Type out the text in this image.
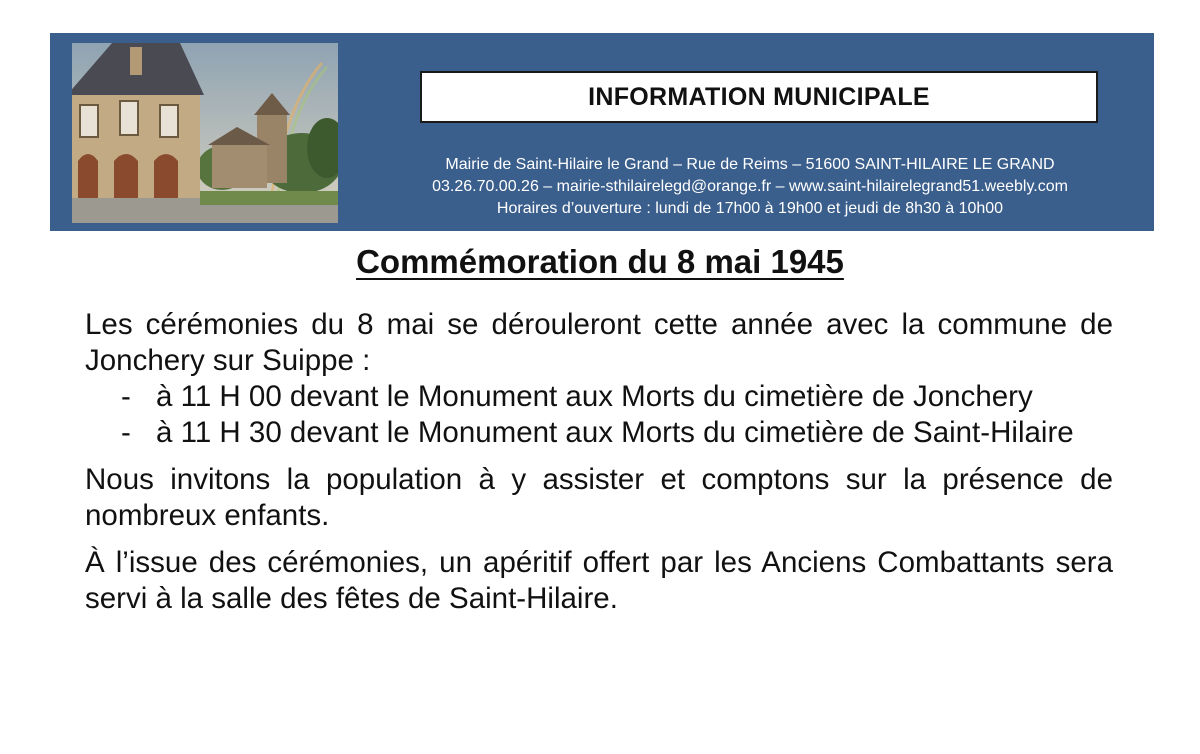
INFORMATION MUNICIPALE
Mairie de Saint-Hilaire le Grand – Rue de Reims – 51600 SAINT-HILAIRE LE GRAND
03.26.70.00.26 – mairie-sthilairelegd@orange.fr – www.saint-hilairelegrand51.weebly.com
Horaires d’ouverture : lundi de 17h00 à 19h00 et jeudi de 8h30 à 10h00
Commémoration du 8 mai 1945

Les cérémonies du 8 mai se dérouleront cette année avec la commune de Jonchery sur Suippe :

- à 11 H 00 devant le Monument aux Morts du cimetière de Jonchery
- à 11 H 30 devant le Monument aux Morts du cimetière de Saint-Hilaire

Nous invitons la population à y assister et comptons sur la présence de nombreux enfants.

À l’issue des cérémonies, un apéritif offert par les Anciens Combattants sera servi à la salle des fêtes de Saint-Hilaire.
